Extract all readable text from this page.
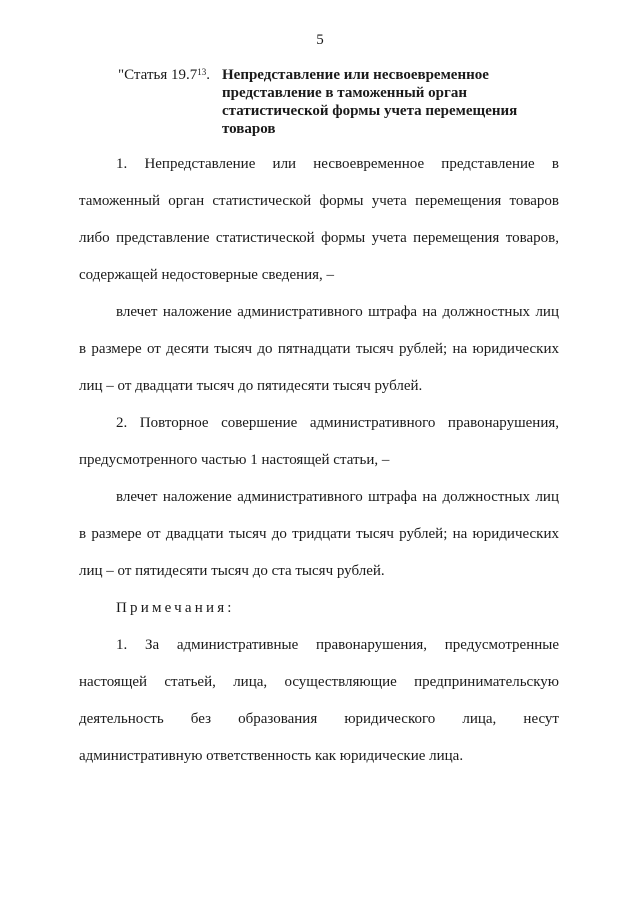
5
"Статья 19.7$^{13}$. Непредставление или несвоевременное представление в таможенный орган статистической формы учета перемещения товаров

1. Непредставление или несвоевременное представление в таможенный орган статистической формы учета перемещения товаров либо представление статистической формы учета перемещения товаров, содержащей недостоверные сведения, –

влечет наложение административного штрафа на должностных лиц в размере от десяти тысяч до пятнадцати тысяч рублей; на юридических лиц – от двадцати тысяч до пятидесяти тысяч рублей.

2. Повторное совершение административного правонарушения, предусмотренного частью 1 настоящей статьи, –

влечет наложение административного штрафа на должностных лиц в размере от двадцати тысяч до тридцати тысяч рублей; на юридических лиц – от пятидесяти тысяч до ста тысяч рублей.

Примечания:

1. За административные правонарушения, предусмотренные настоящей статьей, лица, осуществляющие предпринимательскую деятельность без образования юридического лица, несут административную ответственность как юридические лица.
